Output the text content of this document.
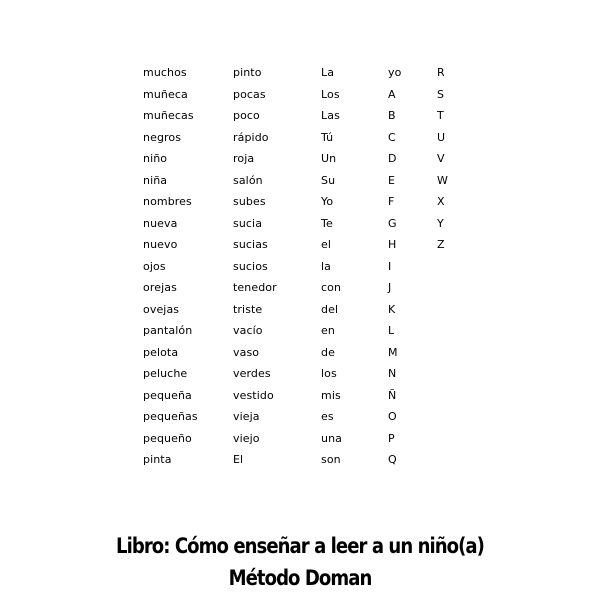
muchos
muñeca
muñecas
negros
niño
niña
nombres
nueva
nuevo
ojos
orejas
ovejas
pantalón
pelota
peluche
pequeña
pequeñas
pequeño
pinta
pinto
pocas
poco
rápido
roja
salón
subes
sucia
sucias
sucios
tenedor
triste
vacío
vaso
verdes
vestido
vieja
viejo
El
La
Los
Las
Tú
Un
Su
Yo
Te
el
la
con
del
en
de
los
mis
es
una
son
yo
A
B
C
D
E
F
G
H
I
J
K
L
M
N
Ñ
O
P
Q
R
S
T
U
V
W
X
Y
Z
Libro: Cómo enseñar a leer a un niño(a)
Método Doman
